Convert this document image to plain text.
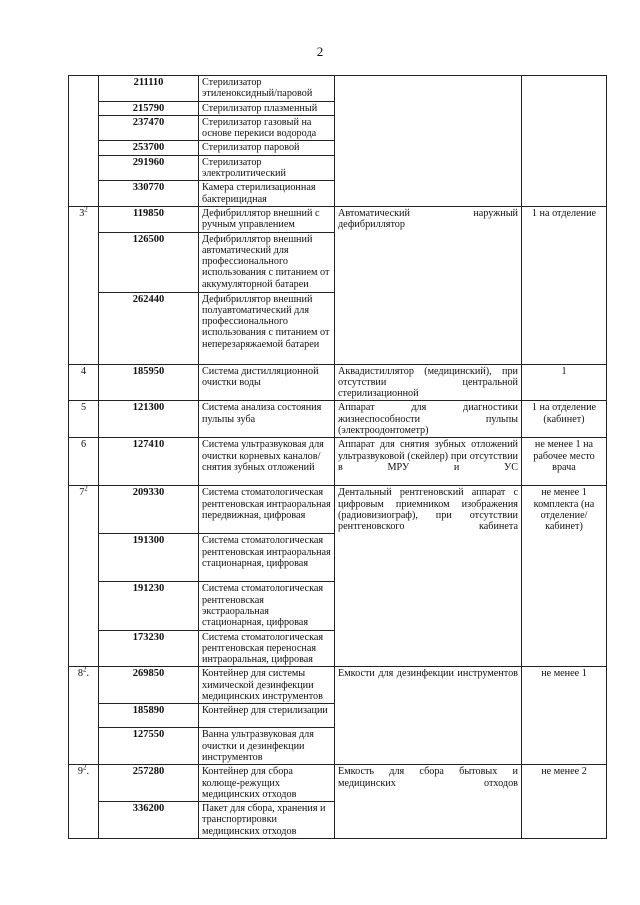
2
	211110	Стерилизатор этиленоксидный/паровой		
	215790	Стерилизатор плазменный		
	237470	Стерилизатор газовый на основе перекиси водорода		
	253700	Стерилизатор паровой		
	291960	Стерилизатор электролитический		
	330770	Камера стерилизационная бактерицидная		
$3^2$	119850	Дефибриллятор внешний с ручным управлением	Автоматический наружный дефибриллятор	1 на отделение
	126500	Дефибриллятор внешний автоматический для профессионального использования с питанием от аккумуляторной батареи		
	262440	Дефибриллятор внешний полуавтоматический для профессионального использования с питанием от неперезаряжаемой батареи		
4	185950	Система дистилляционной очистки воды	Аквадистиллятор (медицинский), при отсутствии центральной стерилизационной	1
5	121300	Система анализа состояния пульпы зуба	Аппарат для диагностики жизнеспособности пульпы (электроодонтометр)	1 на отделение (кабинет)
6	127410	Система ультразвуковая для очистки корневых каналов/снятия зубных отложений	Аппарат для снятия зубных отложений ультразвуковой (скейлер) при отсутствии в МРУ и УС	не менее 1 на рабочее место врача
$7^2$	209330	Система стоматологическая рентгеновская интраоральная передвижная, цифровая	Дентальный рентгеновский аппарат с цифровым приемником изображения (радиовизиограф), при отсутствии рентгеновского кабинета	не менее 1 комплекта (на отделение/кабинет)
	191300	Система стоматологическая рентгеновская интраоральная стационарная, цифровая		
	191230	Система стоматологическая рентгеновская экстраоральная стационарная, цифровая		
	173230	Система стоматологическая рентгеновская переносная интраоральная, цифровая		
$8^2$.	269850	Контейнер для системы химической дезинфекции медицинских инструментов	Емкости для дезинфекции инструментов	не менее 1
	185890	Контейнер для стерилизации		
	127550	Ванна ультразвуковая для очистки и дезинфекции инструментов		
$9^2$.	257280	Контейнер для сбора колюще-режущих медицинских отходов	Емкость для сбора бытовых и медицинских отходов	не менее 2
	336200	Пакет для сбора, хранения и транспортировки медицинских отходов		
